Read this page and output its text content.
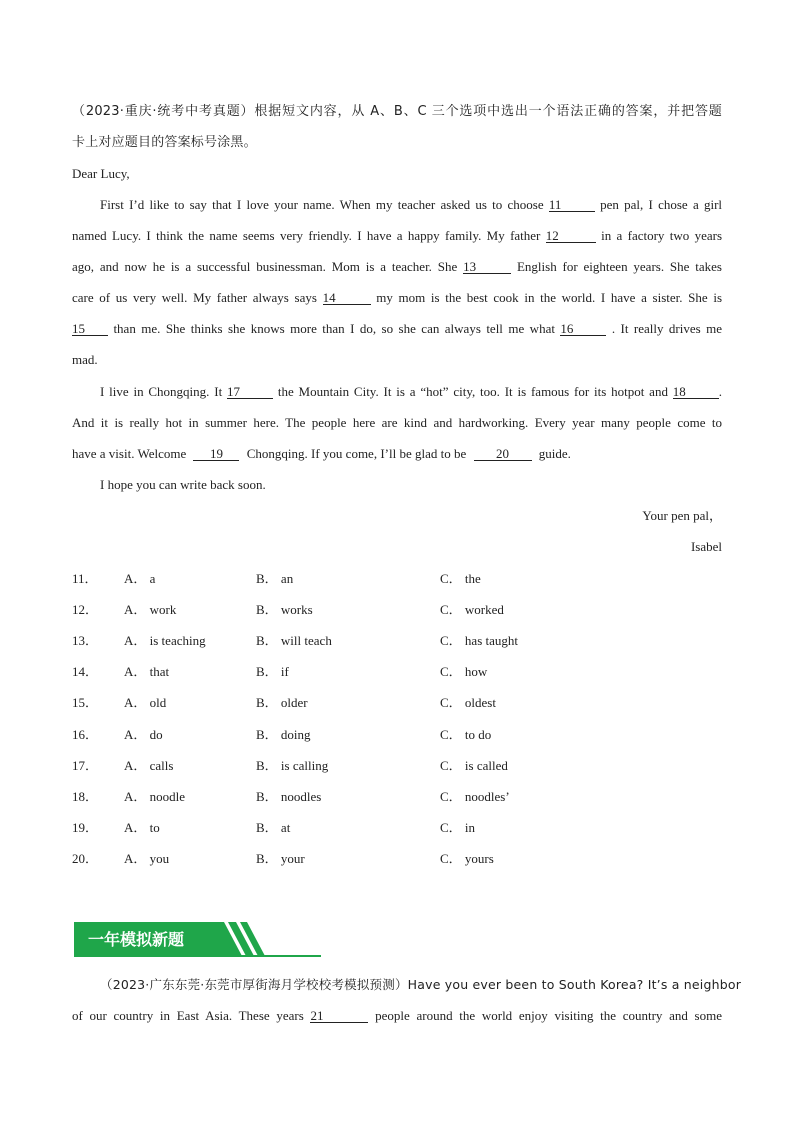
（2023·重庆·统考中考真题）根据短文内容，从 A、B、C 三个选项中选出一个语法正确的答案，并把答题
卡上对应题目的答案标号涂黑。
Dear Lucy,
First I’d like to say that I love your name. When my teacher asked us to choose 11	pen pal, I chose a girl
named Lucy. I think the name seems very friendly. I have a happy family. My father 12	in a factory two years
ago, and now he is a successful businessman. Mom is a teacher. She 13	English for eighteen years. She takes
care of us very well. My father always says 14	my mom is the best cook in the world. I have a sister. She is
15 than me. She thinks she knows more than I do, so she can always tell me what 16	. It really drives me
mad.
I live in Chongqing. It 17	the Mountain City. It is a “hot” city, too. It is famous for its hotpot and 18	.
And it is really hot in summer here. The people here are kind and hardworking. Every year many people come to
have a visit. Welcome 19 Chongqing. If you come, I’ll be glad to be 20 guide.
I hope you can write back soon.
Your pen pal，
Isabel
11． A． a	B． an	C． the
12． A． work	B． works	C． worked
13． A． is teaching	B． will teach	C． has taught
14． A． that	B． if	C． how
15． A． old	B． older	C． oldest
16． A． do	B． doing	C． to do
17． A． calls	B． is calling	C． is called
18． A． noodle	B． noodles	C． noodles’
19． A． to	B． at	C． in
20． A． you	B． your	C． yours
一年模拟新题
（2023·广东东莞·东莞市厚街海月学校校考模拟预测）Have you ever been to South Korea? It’s a neighbor
of our country in East Asia. These years 21	people around the world enjoy visiting the country and some
